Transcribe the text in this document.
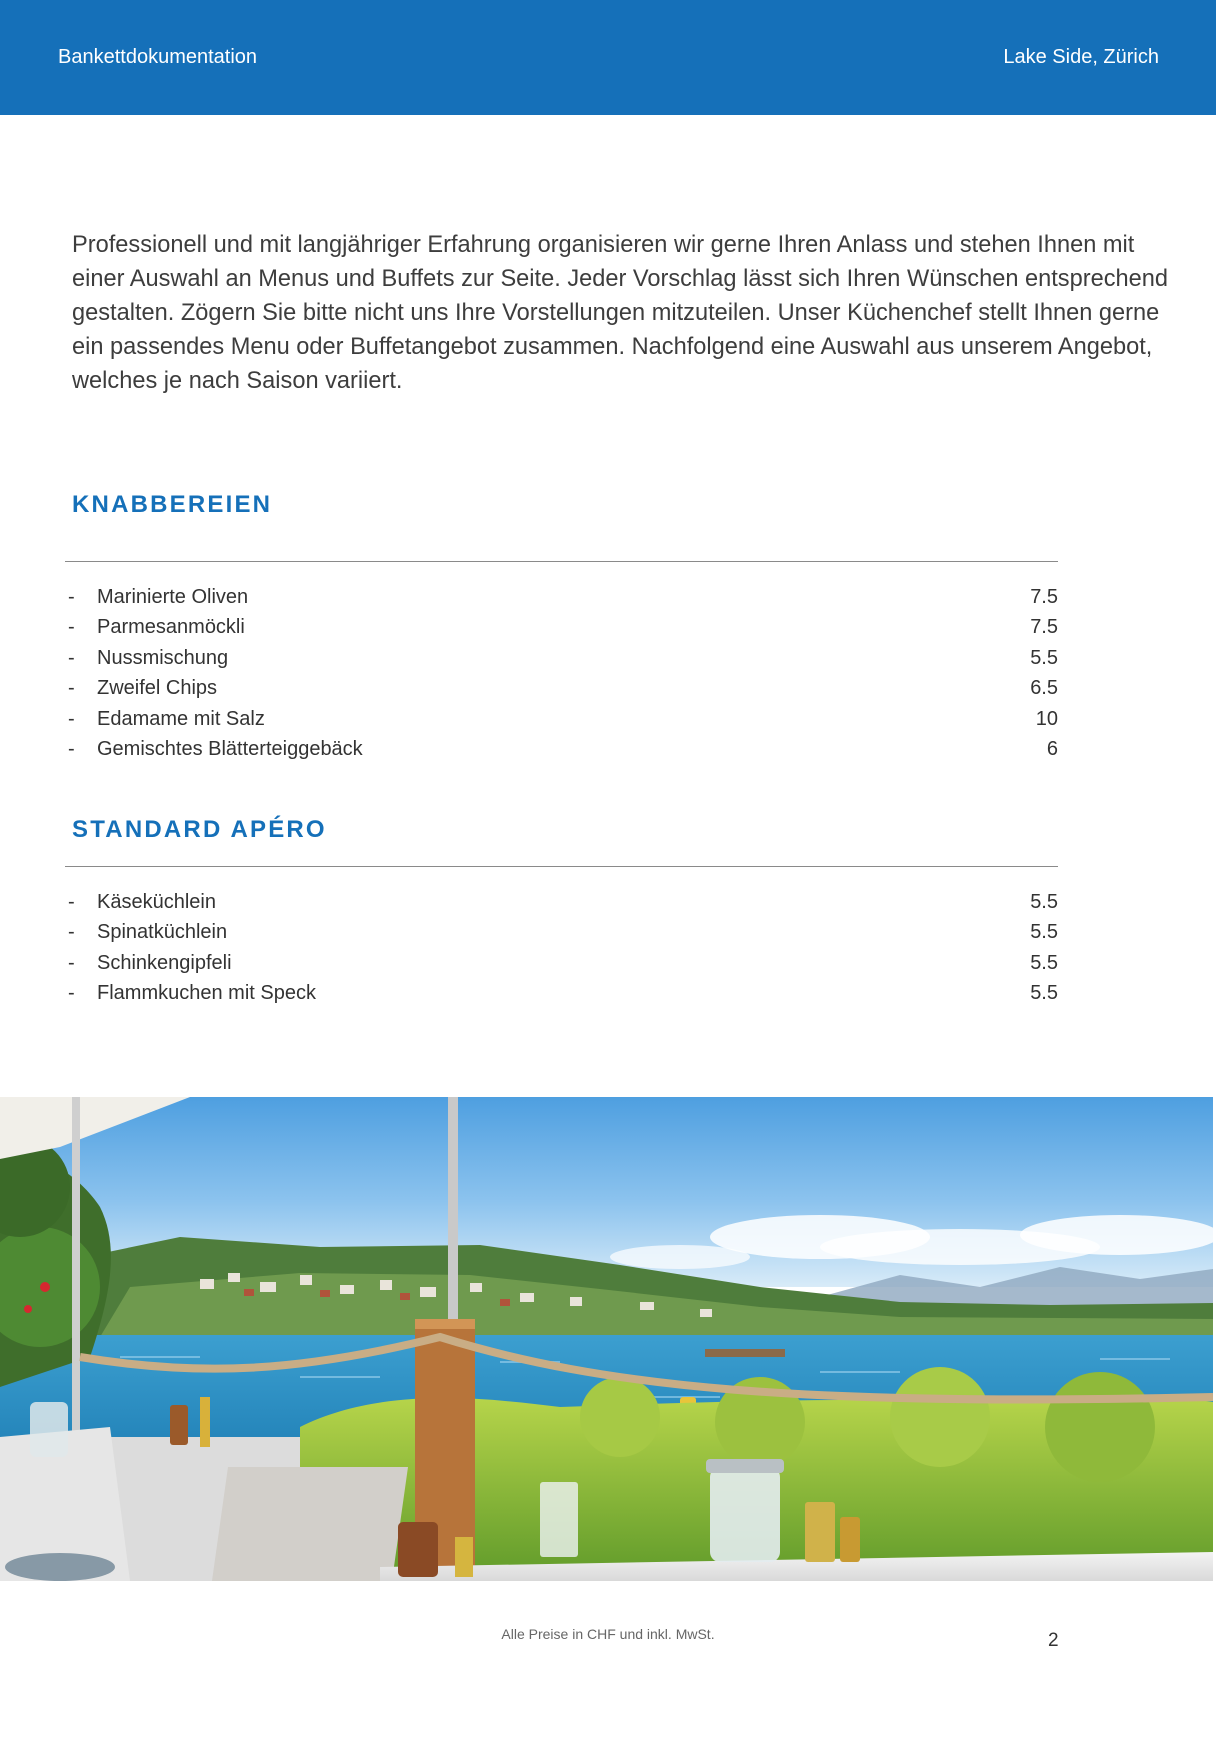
Bankettdokumentation	Lake Side, Zürich

Professionell und mit langjähriger Erfahrung organisieren wir gerne Ihren Anlass und stehen Ihnen mit einer Auswahl an Menus und Buffets zur Seite. Jeder Vorschlag lässt sich Ihren Wünschen entsprechend gestalten. Zögern Sie bitte nicht uns Ihre Vorstellungen mitzuteilen. Unser Küchenchef stellt Ihnen gerne ein passendes Menu oder Buffetangebot zusammen. Nachfolgend eine Auswahl aus unserem Angebot, welches je nach Saison variiert.

KNABBEREIEN
- Marinierte Oliven	7.5
- Parmesanmöckli	7.5
- Nussmischung	5.5
- Zweifel Chips	6.5
- Edamame mit Salz	10
- Gemischtes Blätterteiggebäck	6
STANDARD APÉRO
- Käseküchlein	5.5
- Spinatküchlein	5.5
- Schinkengipfeli	5.5
- Flammkuchen mit Speck	5.5
Alle Preise in CHF und inkl. MwSt.	2
